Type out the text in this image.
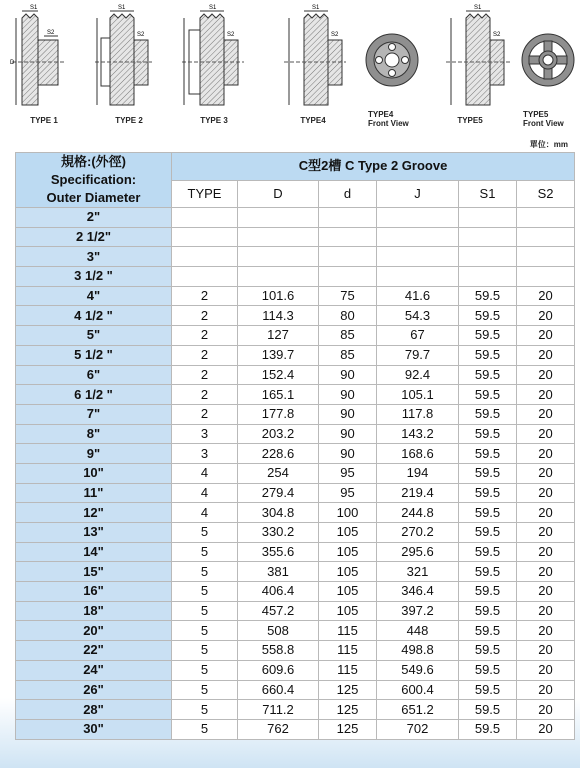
S1
S2
D
S1
S2
S1
S2
S1
S2
S1
S2
TYPE 1	TYPE 2	TYPE 3	TYPE4
TYPE4
Front View	TYPE5
TYPE5
Front View
單位：mm
規格:(外徑)
Specification:
Outer Diameter	C型2槽 C Type 2 Groove					
	TYPE	D	d	J	S1	S2
2"						
2 1/2"						
3"						
3 1/2 "						
4"	2	101.6	75	41.6	59.5	20
4 1/2 "	2	114.3	80	54.3	59.5	20
5"	2	127	85	67	59.5	20
5 1/2 "	2	139.7	85	79.7	59.5	20
6"	2	152.4	90	92.4	59.5	20
6 1/2 "	2	165.1	90	105.1	59.5	20
7"	2	177.8	90	117.8	59.5	20
8"	3	203.2	90	143.2	59.5	20
9"	3	228.6	90	168.6	59.5	20
10"	4	254	95	194	59.5	20
11"	4	279.4	95	219.4	59.5	20
12"	4	304.8	100	244.8	59.5	20
13"	5	330.2	105	270.2	59.5	20
14"	5	355.6	105	295.6	59.5	20
15"	5	381	105	321	59.5	20
16"	5	406.4	105	346.4	59.5	20
18"	5	457.2	105	397.2	59.5	20
20"	5	508	115	448	59.5	20
22"	5	558.8	115	498.8	59.5	20
24"	5	609.6	115	549.6	59.5	20
26"	5	660.4	125	600.4	59.5	20
28"	5	711.2	125	651.2	59.5	20
30"	5	762	125	702	59.5	20
